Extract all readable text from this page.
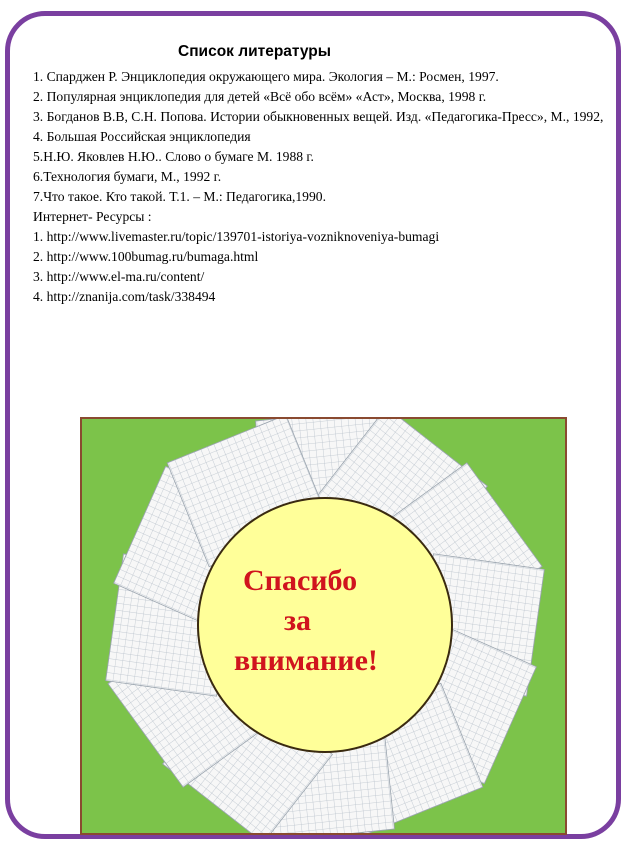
Список литературы
1. Спарджен Р. Энциклопедия окружающего мира. Экология – М.: Росмен, 1997.
2. Популярная энциклопедия для детей «Всё обо всём» «Аст», Москва, 1998 г.
3. Богданов В.В, С.Н. Попова. Истории обыкновенных вещей. Изд. «Педагогика-Пресс», М., 1992,
4. Большая Российская энциклопедия
5.Н.Ю. Яковлев Н.Ю.. Слово о бумаге М. 1988 г.
6.Технология бумаги, М., 1992 г.
7.Что такое. Кто такой. Т.1. – М.: Педагогика,1990.
Интернет- Ресурсы :
1. http://www.livemaster.ru/topic/139701-istoriya-vozniknoveniya-bumagi
2. http://www.100bumag.ru/bumaga.html
3. http://www.el-ma.ru/content/
4. http://znanija.com/task/338494
Спасибо
за
внимание!
